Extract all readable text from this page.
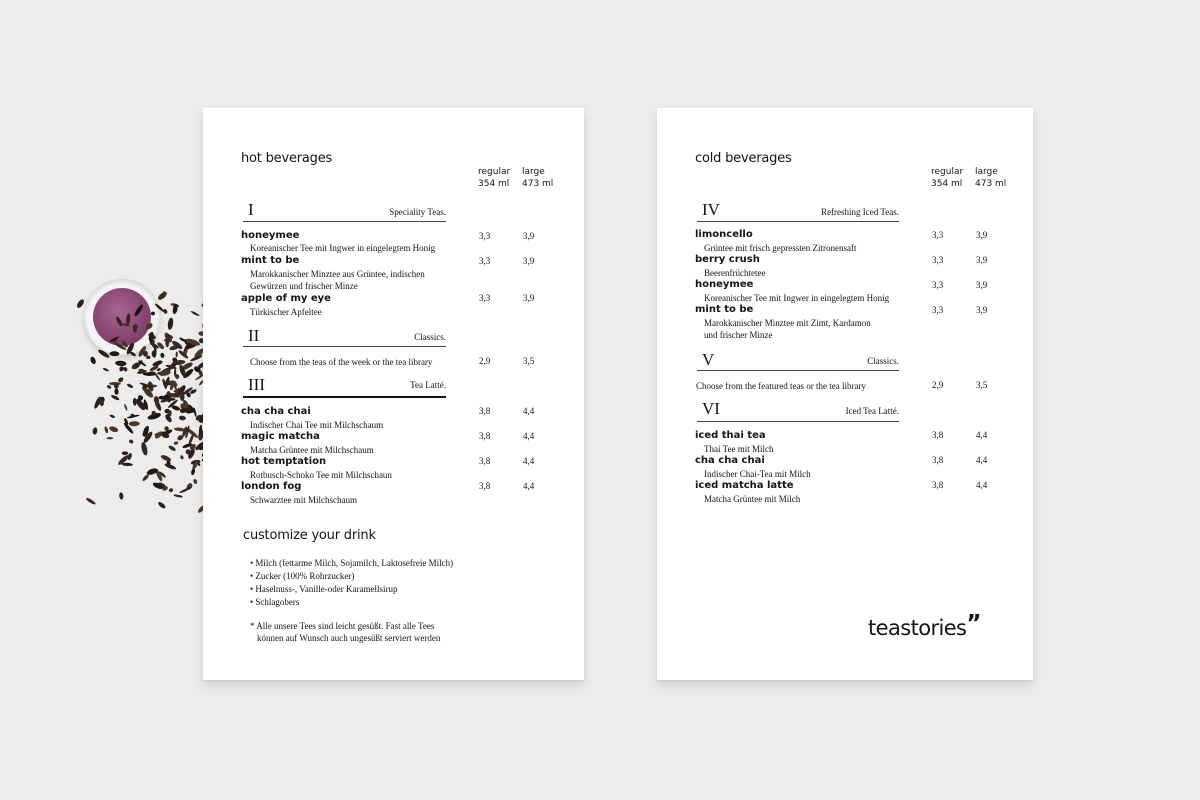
hot beverages
regular
354 ml
large
473 ml
I	Speciality Teas.
honeymee
Koreanischer Tee mit Ingwer in eingelegtem Honig
3,3	3,9
mint to be
Marokkanischer Minztee aus Grüntee, indischen
Gewürzen und frischer Minze
3,3	3,9
apple of my eye
Türkischer Apfeltee
3,3	3,9
II	Classics.
Choose from the teas of the week or the tea library	2,9	3,5
III	Tea Latté.
cha cha chai
Indischer Chai Tee mit Milchschaum
3,8	4,4
magic matcha
Matcha Grüntee mit Milchschaum
3,8	4,4
hot temptation
Rotbusch-Schoko Tee mit Milchschaun
3,8	4,4
london fog
Schwarztee mit Milchschaum
3,8	4,4
customize your drink
• Milch (fettarme Milch, Sojamilch, Laktosefreie Milch)
• Zucker (100% Rohrzucker)
• Haselnuss-, Vanille-oder Karamellsirup
• Schlagobers
* Alle unsere Tees sind leicht gesüßt. Fast alle Tees
können auf Wunsch auch ungesüßt serviert werden
cold beverages
regular
354 ml
large
473 ml
IV	Refreshing Iced Teas.
limoncello
Grüntee mit frisch gepressten Zitronensaft
3,3	3,9
berry crush
Beerenfrüchtetee
3,3	3,9
honeymee
Koreanischer Tee mit Ingwer in eingelegtem Honig
3,3	3,9
mint to be
Marokkanischer Minztee mit Zimt, Kardamon
und frischer Minze
3,3	3,9
V	Classics.
Choose from the featured teas or the tea library	2,9	3,5
VI	Iced Tea Latté.
iced thai tea
Thai Tee mit Milch
3,8	4,4
cha cha chai
Indischer Chai-Tea mit Milch
3,8	4,4
iced matcha latte
Matcha Grüntee mit Milch
3,8	4,4
teastories”
